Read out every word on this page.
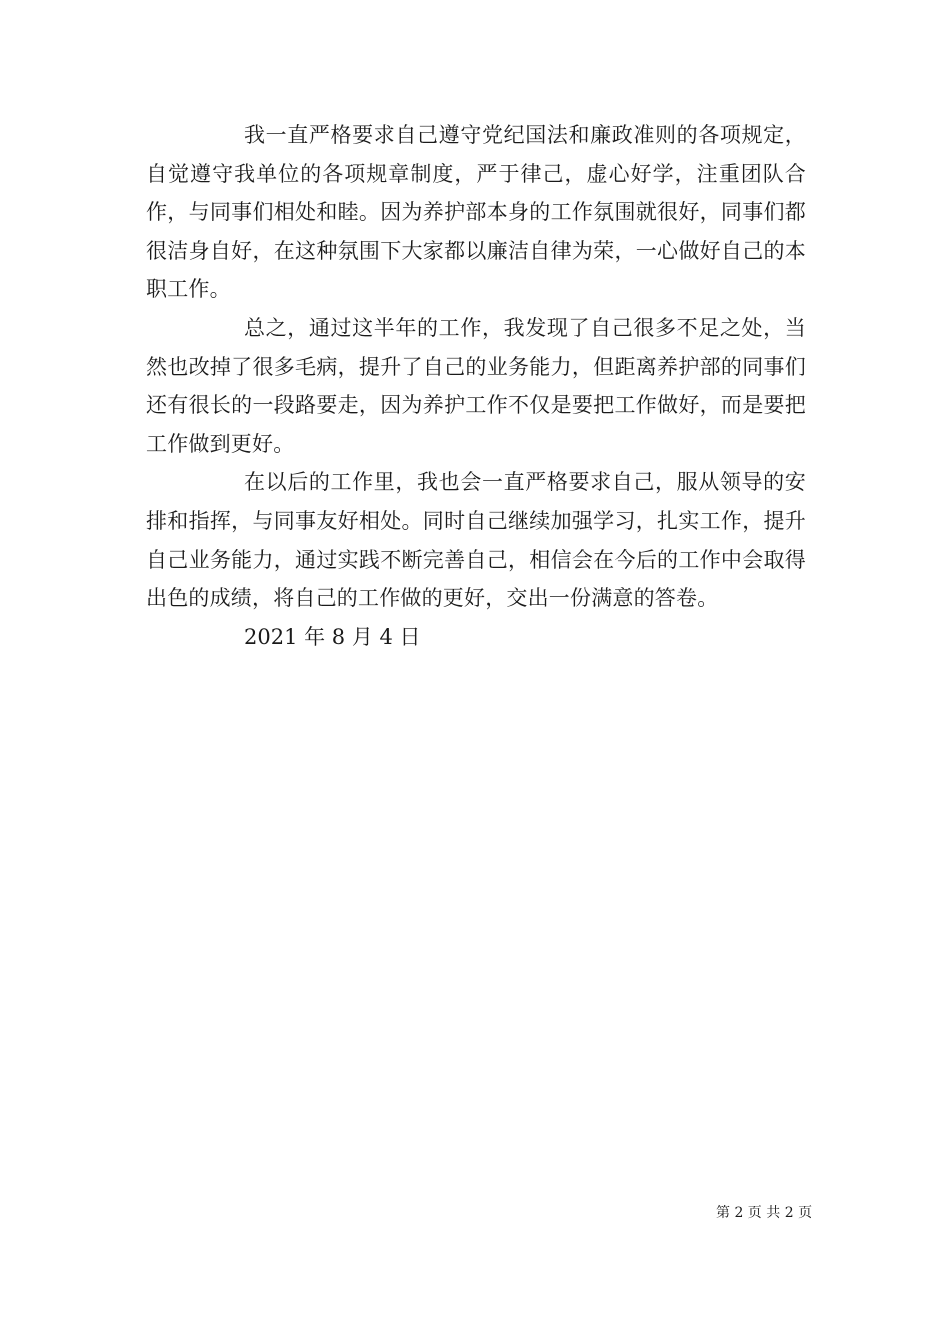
我一直严格要求自己遵守党纪国法和廉政准则的各项规定，自觉遵守我单位的各项规章制度，严于律己，虚心好学，注重团队合作，与同事们相处和睦。因为养护部本身的工作氛围就很好，同事们都很洁身自好，在这种氛围下大家都以廉洁自律为荣，一心做好自己的本职工作。

总之，通过这半年的工作，我发现了自己很多不足之处，当然也改掉了很多毛病，提升了自己的业务能力，但距离养护部的同事们还有很长的一段路要走，因为养护工作不仅是要把工作做好，而是要把工作做到更好。

在以后的工作里，我也会一直严格要求自己，服从领导的安排和指挥，与同事友好相处。同时自己继续加强学习，扎实工作，提升自己业务能力，通过实践不断完善自己，相信会在今后的工作中会取得出色的成绩，将自己的工作做的更好，交出一份满意的答卷。

2021 年 8 月 4 日

第 2 页 共 2 页
